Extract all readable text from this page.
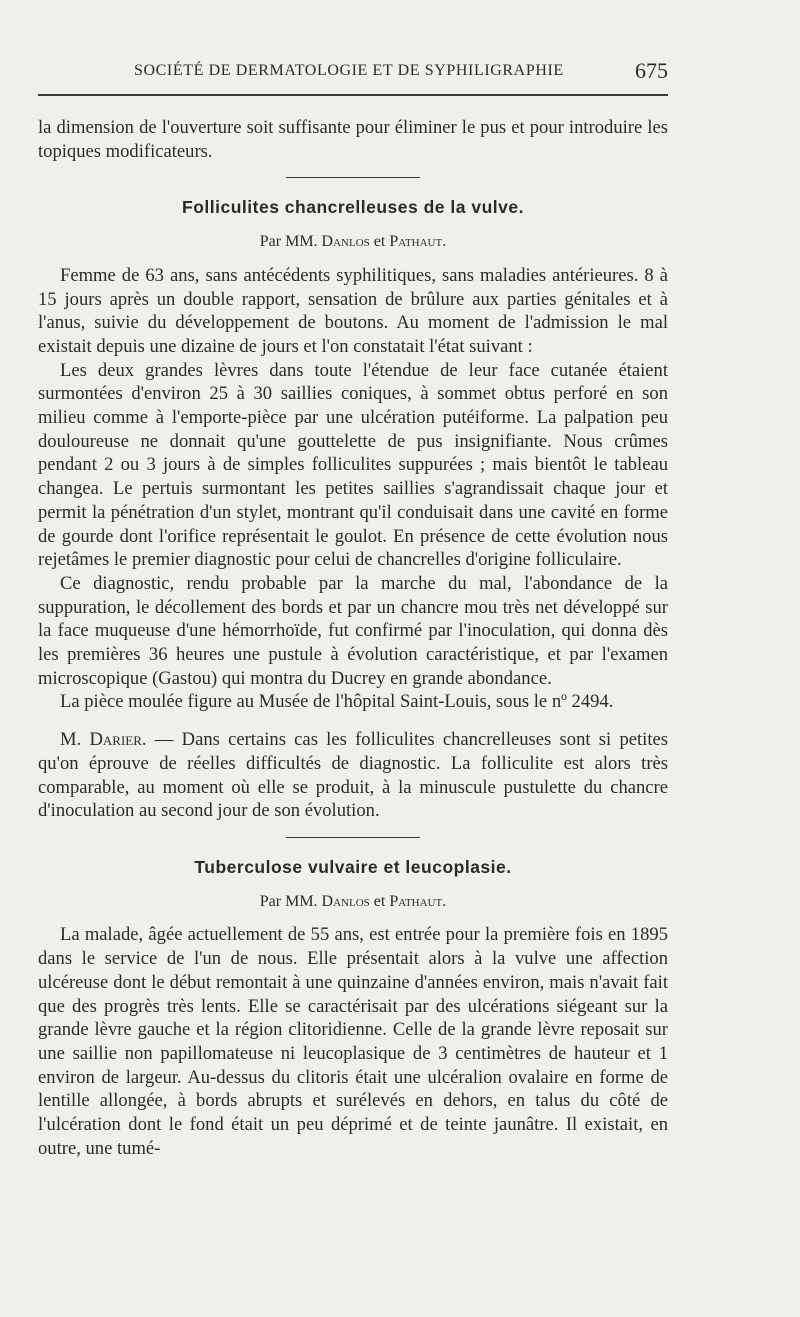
SOCIÉTÉ DE DERMATOLOGIE ET DE SYPHILIGRAPHIE	675

la dimension de l'ouverture soit suffisante pour éliminer le pus et pour introduire les topiques modificateurs.

Folliculites chancrelleuses de la vulve.
Par MM. Danlos et Pathaut.

Femme de 63 ans, sans antécédents syphilitiques, sans maladies antérieures. 8 à 15 jours après un double rapport, sensation de brûlure aux parties génitales et à l'anus, suivie du développement de boutons. Au moment de l'admission le mal existait depuis une dizaine de jours et l'on constatait l'état suivant :

Les deux grandes lèvres dans toute l'étendue de leur face cutanée étaient surmontées d'environ 25 à 30 saillies coniques, à sommet obtus perforé en son milieu comme à l'emporte-pièce par une ulcération putéiforme. La palpation peu douloureuse ne donnait qu'une gouttelette de pus insignifiante. Nous crûmes pendant 2 ou 3 jours à de simples folliculites suppurées ; mais bientôt le tableau changea. Le pertuis surmontant les petites saillies s'agrandissait chaque jour et permit la pénétration d'un stylet, montrant qu'il conduisait dans une cavité en forme de gourde dont l'orifice représentait le goulot. En présence de cette évolution nous rejetâmes le premier diagnostic pour celui de chancrelles d'origine folliculaire.

Ce diagnostic, rendu probable par la marche du mal, l'abondance de la suppuration, le décollement des bords et par un chancre mou très net développé sur la face muqueuse d'une hémorrhoïde, fut confirmé par l'inoculation, qui donna dès les premières 36 heures une pustule à évolution caractéristique, et par l'examen microscopique (Gastou) qui montra du Ducrey en grande abondance.

La pièce moulée figure au Musée de l'hôpital Saint-Louis, sous le nº 2494.

M. Darier. — Dans certains cas les folliculites chancrelleuses sont si petites qu'on éprouve de réelles difficultés de diagnostic. La folliculite est alors très comparable, au moment où elle se produit, à la minuscule pustulette du chancre d'inoculation au second jour de son évolution.

Tuberculose vulvaire et leucoplasie.
Par MM. Danlos et Pathaut.

La malade, âgée actuellement de 55 ans, est entrée pour la première fois en 1895 dans le service de l'un de nous. Elle présentait alors à la vulve une affection ulcéreuse dont le début remontait à une quinzaine d'années environ, mais n'avait fait que des progrès très lents. Elle se caractérisait par des ulcérations siégeant sur la grande lèvre gauche et la région clitoridienne. Celle de la grande lèvre reposait sur une saillie non papillomateuse ni leucoplasique de 3 centimètres de hauteur et 1 environ de largeur. Au-dessus du clitoris était une ulcéralion ovalaire en forme de lentille allongée, à bords abrupts et surélevés en dehors, en talus du côté de l'ulcération dont le fond était un peu déprimé et de teinte jaunâtre. Il existait, en outre, une tumé-
